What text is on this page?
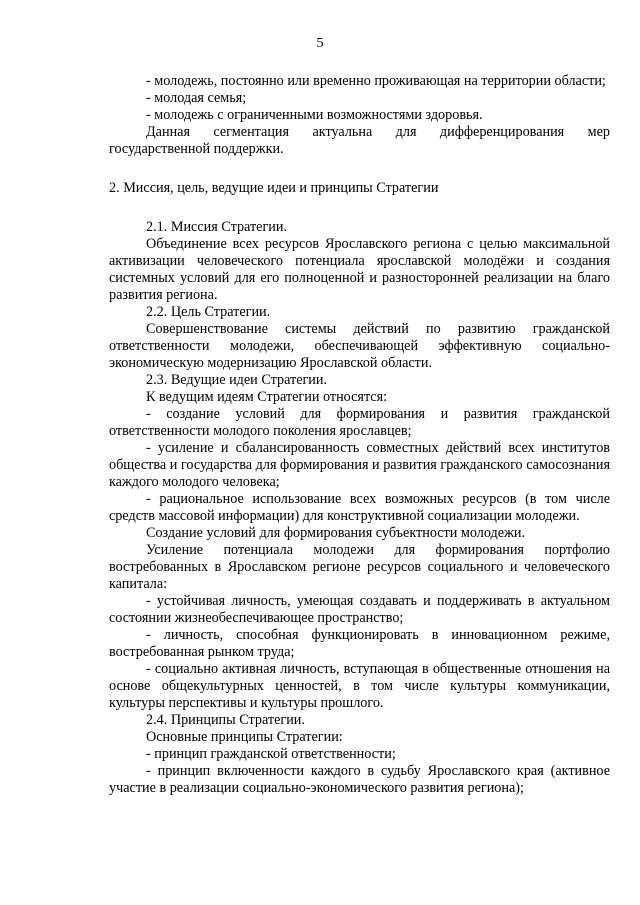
5

- молодежь, постоянно или временно проживающая на территории области;

- молодая семья;

- молодежь с ограниченными возможностями здоровья.

Данная сегментация актуальна для дифференцирования мер государственной поддержки.

2. Миссия, цель, ведущие идеи и принципы Стратегии

2.1. Миссия Стратегии.

Объединение всех ресурсов Ярославского региона с целью максимальной активизации человеческого потенциала ярославской молодёжи и создания системных условий для его полноценной и разносторонней реализации на благо развития региона.

2.2. Цель Стратегии.

Совершенствование системы действий по развитию гражданской ответственности молодежи, обеспечивающей эффективную социально-экономическую модернизацию Ярославской области.

2.3. Ведущие идеи Стратегии.

К ведущим идеям Стратегии относятся:

- создание условий для формирования и развития гражданской ответственности молодого поколения ярославцев;

- усиление и сбалансированность совместных действий всех институтов общества и государства для формирования и развития гражданского самосознания каждого молодого человека;

- рациональное использование всех возможных ресурсов (в том числе средств массовой информации) для конструктивной социализации молодежи.

Создание условий для формирования субъектности молодежи.

Усиление потенциала молодежи для формирования портфолио востребованных в Ярославском регионе ресурсов социального и человеческого капитала:

- устойчивая личность, умеющая создавать и поддерживать в актуальном состоянии жизнеобеспечивающее пространство;

- личность, способная функционировать в инновационном режиме, востребованная рынком труда;

- социально активная личность, вступающая в общественные отношения на основе общекультурных ценностей, в том числе культуры коммуникации, культуры перспективы и культуры прошлого.

2.4. Принципы Стратегии.

Основные принципы Стратегии:

- принцип гражданской ответственности;

- принцип включенности каждого в судьбу Ярославского края (активное участие в реализации социально-экономического развития региона);
